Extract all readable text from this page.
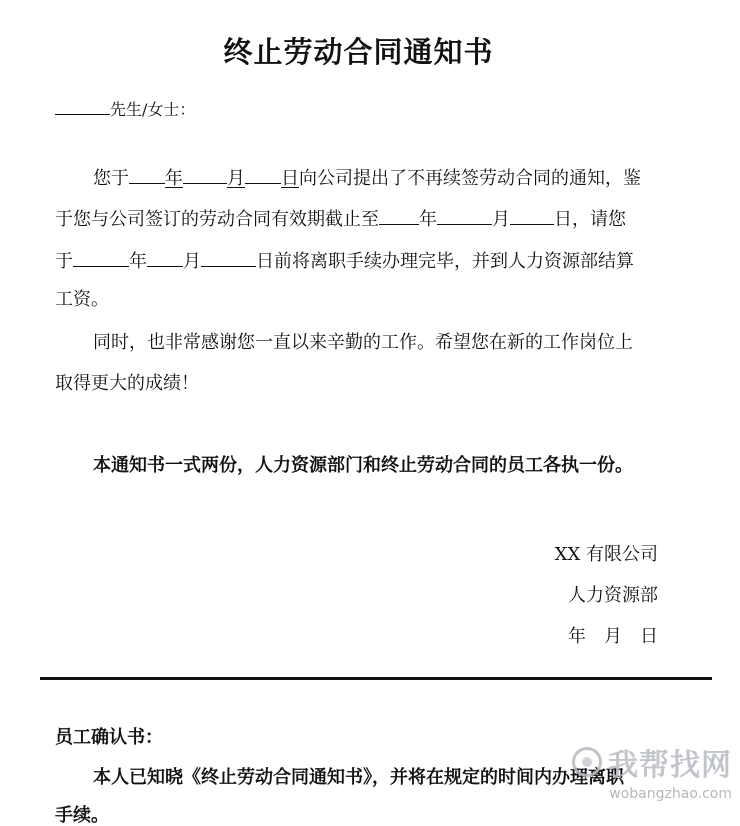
终止劳动合同通知书
先生/女士：
您于 年 月 日向公司提出了不再续签劳动合同的通知，鉴
于您与公司签订的劳动合同有效期截止至 年	月 日，请您
于	年 月	日前将离职手续办理完毕，并到人力资源部结算
工资。
同时，也非常感谢您一直以来辛勤的工作。希望您在新的工作岗位上
取得更大的成绩！
本通知书一式两份，人力资源部门和终止劳动合同的员工各执一份。
XX 有限公司
人力资源部
年　月　日
员工确认书：
本人已知晓《终止劳动合同通知书》，并将在规定的时间内办理离职
手续。
我帮找网
wobangzhao.com
